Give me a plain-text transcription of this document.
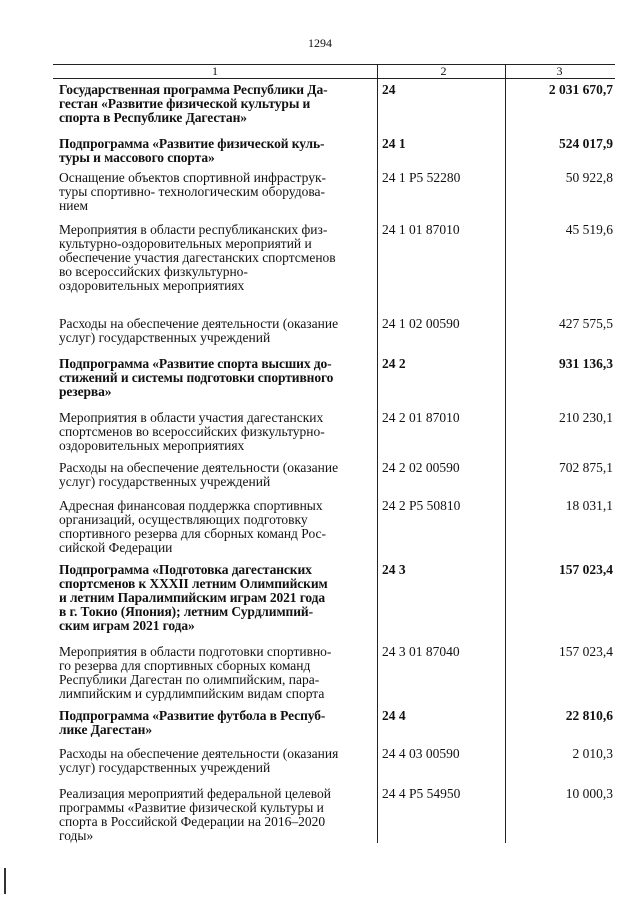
1294
1	2	3
Государственная программа Республики Да-
гестан «Развитие физической культуры и
спорта в Республике Дагестан»
24	2 031 670,7
Подпрограмма «Развитие физической куль-
туры и массового спорта»
24 1	524 017,9
Оснащение объектов спортивной инфраструк-
туры спортивно- технологическим оборудова-
нием
24 1 P5 52280	50 922,8
Мероприятия в области республиканских физ-
культурно-оздоровительных мероприятий и
обеспечение участия дагестанских спортсменов
во всероссийских физкультурно-
оздоровительных мероприятиях
24 1 01 87010	45 519,6
Расходы на обеспечение деятельности (оказание
услуг) государственных учреждений
24 1 02 00590	427 575,5
Подпрограмма «Развитие спорта высших до-
стижений и системы подготовки спортивного
резерва»
24 2	931 136,3
Мероприятия в области участия дагестанских
спортсменов во всероссийских физкультурно-
оздоровительных мероприятиях
24 2 01 87010	210 230,1
Расходы на обеспечение деятельности (оказание
услуг) государственных учреждений
24 2 02 00590	702 875,1
Адресная финансовая поддержка спортивных
организаций, осуществляющих подготовку
спортивного резерва для сборных команд Рос-
сийской Федерации
24 2 P5 50810	18 031,1
Подпрограмма «Подготовка дагестанских
спортсменов к XXXII летним Олимпийским
и летним Паралимпийским играм 2021 года
в г. Токио (Япония); летним Сурдлимпий-
ским играм 2021 года»
24 3	157 023,4
Мероприятия в области подготовки спортивно-
го резерва для спортивных сборных команд
Республики Дагестан по олимпийским, пара-
лимпийским и сурдлимпийским видам спорта
24 3 01 87040	157 023,4
Подпрограмма «Развитие футбола в Респуб-
лике Дагестан»
24 4	22 810,6
Расходы на обеспечение деятельности (оказания
услуг) государственных учреждений
24 4 03 00590	2 010,3
Реализация мероприятий федеральной целевой
программы «Развитие физической культуры и
спорта в Российской Федерации на 2016–2020
годы»
24 4 P5 54950	10 000,3
